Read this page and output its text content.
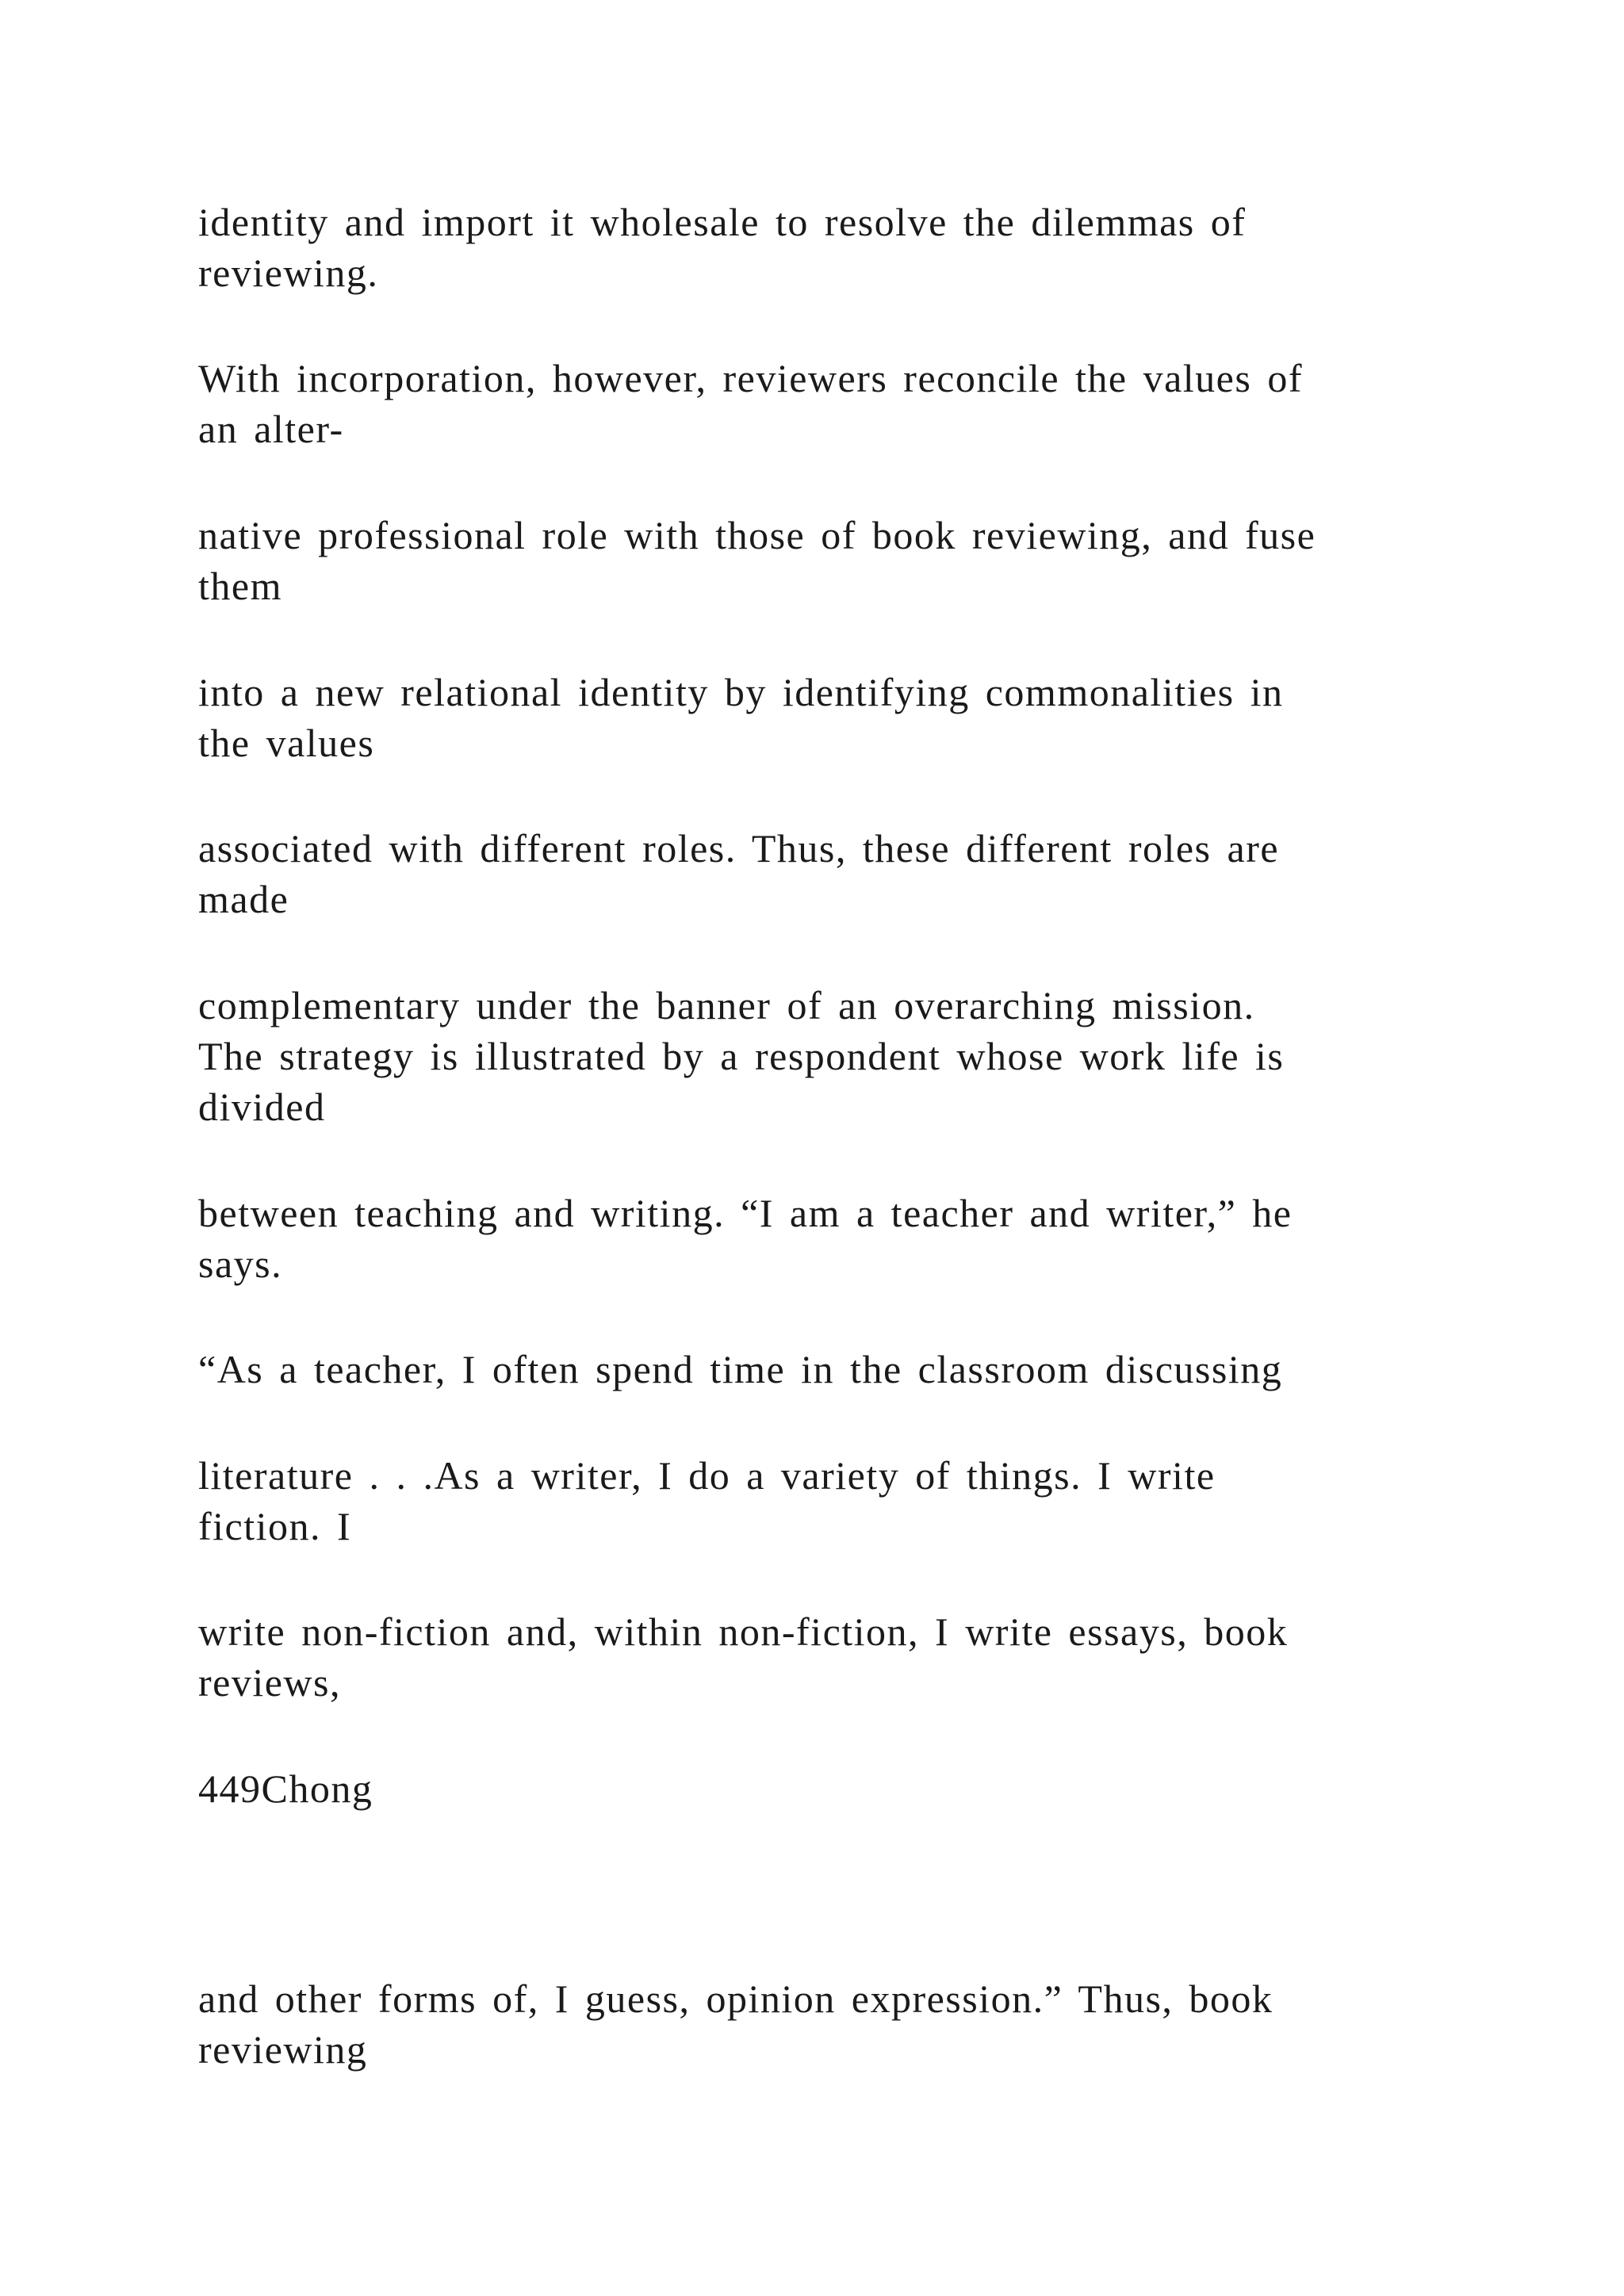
identity and import it wholesale to resolve the dilemmas of
reviewing.
With incorporation, however, reviewers reconcile the values of
an alter-
native professional role with those of book reviewing, and fuse
them
into a new relational identity by identifying commonalities in
the values
associated with different roles. Thus, these different roles are
made
complementary under the banner of an overarching mission.
The strategy is illustrated by a respondent whose work life is
divided
between teaching and writing. “I am a teacher and writer,” he
says.
“As a teacher, I often spend time in the classroom discussing
literature . . .As a writer, I do a variety of things. I write
fiction. I
write non-fiction and, within non-fiction, I write essays, book
reviews,
449Chong
and other forms of, I guess, opinion expression.” Thus, book
reviewing
